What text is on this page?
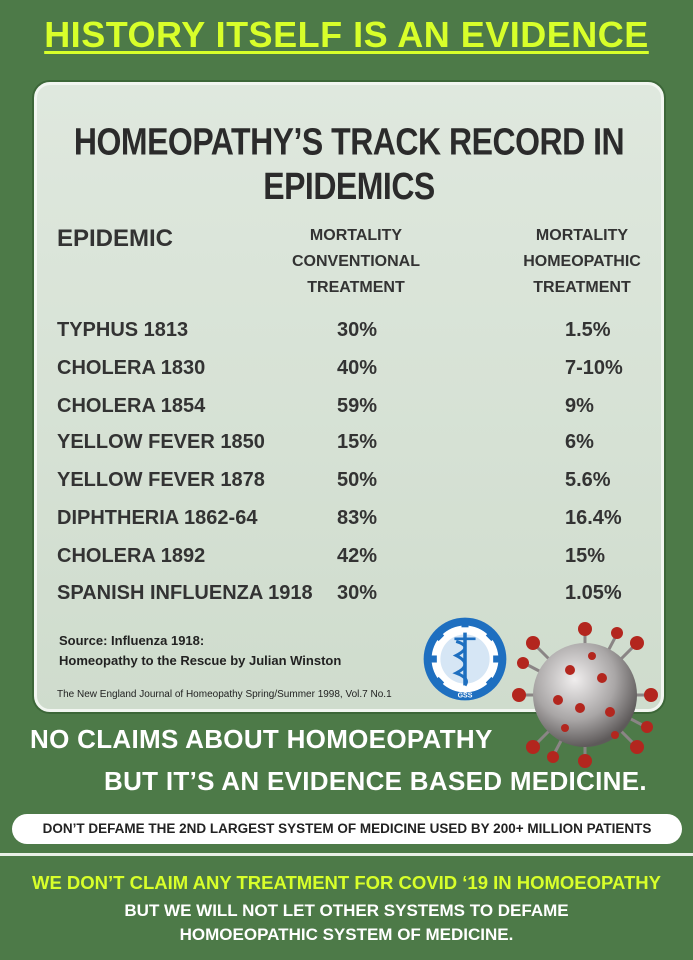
HISTORY ITSELF IS AN EVIDENCE
HOMEOPATHY’S TRACK RECORD IN EPIDEMICS
EPIDEMIC	MORTALITY
CONVENTIONAL
TREATMENT
MORTALITY
HOMEOPATHIC
TREATMENT
TYPHUS 1813	30%	1.5%
CHOLERA 1830	40%	7-10%
CHOLERA 1854	59%	9%
YELLOW FEVER 1850	15%	6%
YELLOW FEVER 1878	50%	5.6%
DIPHTHERIA 1862-64	83%	16.4%
CHOLERA 1892	42%	15%
SPANISH INFLUENZA 1918 30%	1.05%
Source: Influenza 1918:
Homeopathy to the Rescue by Julian Winston
The New England Journal of Homeopathy Spring/Summer 1998, Vol.7 No.1	GSS
NO CLAIMS ABOUT HOMOEOPATHY
BUT IT’S AN EVIDENCE BASED MEDICINE.
DON’T DEFAME THE 2ND LARGEST SYSTEM OF MEDICINE USED BY 200+ MILLION PATIENTS
WE DON’T CLAIM ANY TREATMENT FOR COVID ‘19 IN HOMOEOPATHY
BUT WE WILL NOT LET OTHER SYSTEMS TO DEFAME
HOMOEOPATHIC SYSTEM OF MEDICINE.
